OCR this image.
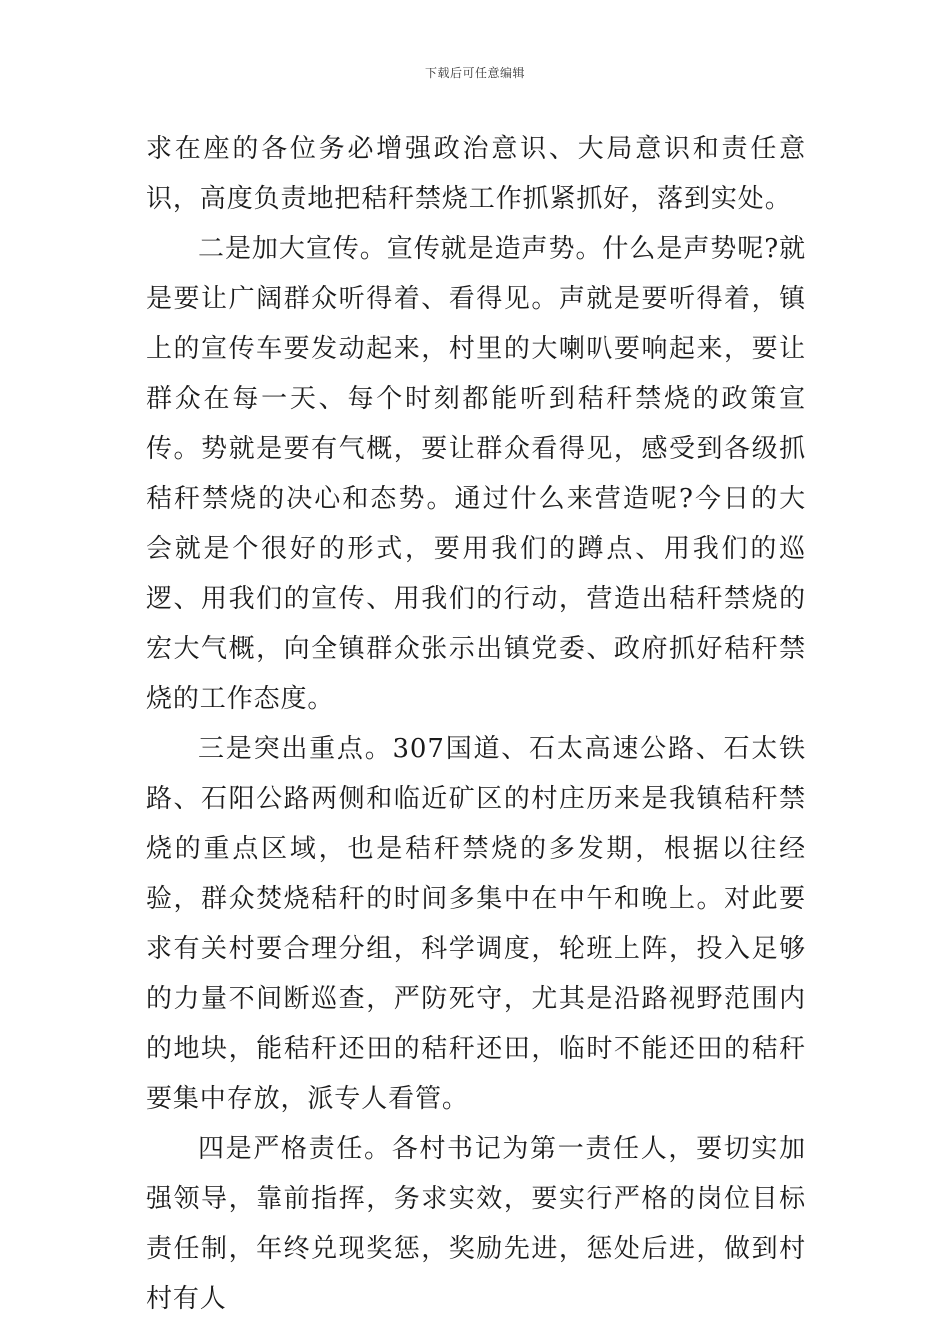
下载后可任意编辑

求在座的各位务必增强政治意识、大局意识和责任意识，高度负责地把秸秆禁烧工作抓紧抓好，落到实处。

二是加大宣传。宣传就是造声势。什么是声势呢?就是要让广阔群众听得着、看得见。声就是要听得着，镇上的宣传车要发动起来，村里的大喇叭要响起来，要让群众在每一天、每个时刻都能听到秸秆禁烧的政策宣传。势就是要有气概，要让群众看得见，感受到各级抓秸秆禁烧的决心和态势。通过什么来营造呢?今日的大会就是个很好的形式，要用我们的蹲点、用我们的巡逻、用我们的宣传、用我们的行动，营造出秸秆禁烧的宏大气概，向全镇群众张示出镇党委、政府抓好秸秆禁烧的工作态度。

三是突出重点。307国道、石太高速公路、石太铁路、石阳公路两侧和临近矿区的村庄历来是我镇秸秆禁烧的重点区域，也是秸秆禁烧的多发期，根据以往经验，群众焚烧秸秆的时间多集中在中午和晚上。对此要求有关村要合理分组，科学调度，轮班上阵，投入足够的力量不间断巡查，严防死守，尤其是沿路视野范围内的地块，能秸秆还田的秸秆还田，临时不能还田的秸秆要集中存放，派专人看管。

四是严格责任。各村书记为第一责任人，要切实加强领导，靠前指挥，务求实效，要实行严格的岗位目标责任制，年终兑现奖惩，奖励先进，惩处后进，做到村村有人
